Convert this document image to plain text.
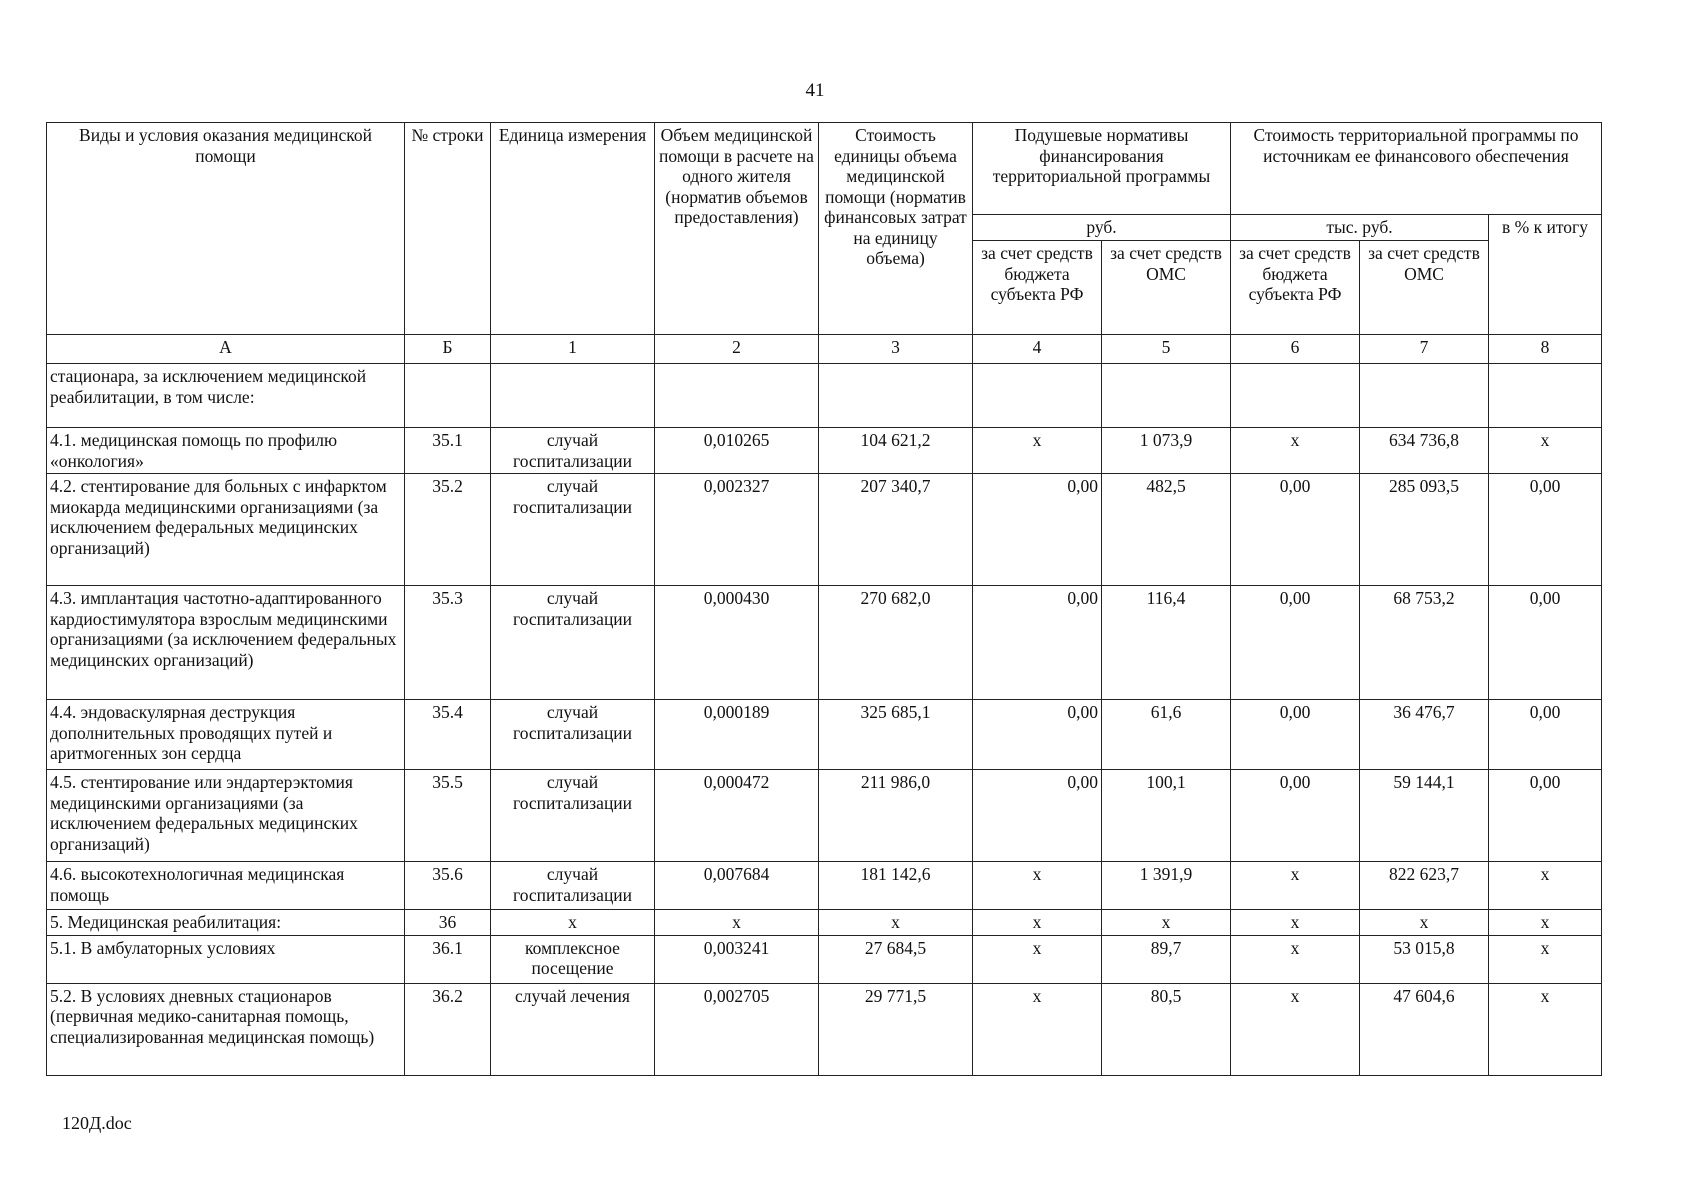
41
Виды и условия оказания медицинской помощи	№ строки	Единица измерения	Объем медицинской помощи в расчете на одного жителя (норматив объемов предоставления)	Стоимость единицы объема медицинской помощи (норматив финансовых затрат на единицу объема)	Подушевые нормативы финансирования территориальной программы		Стоимость территориальной программы по источникам ее финансового обеспечения		
					руб.		тыс. руб.		в % к итогу
					за счет средств бюджета субъекта РФ	за счет средств ОМС	за счет средств бюджета субъекта РФ	за счет средств ОМС	
А	Б	1	2	3	4	5	6	7	8
стационара, за исключением медицинской реабилитации, в том числе:									
4.1. медицинская помощь по профилю «онкология»	35.1	случай госпитализации	0,010265	104 621,2	х	1 073,9	х	634 736,8	х
4.2. стентирование для больных с инфарктом миокарда медицинскими организациями (за исключением федеральных медицинских организаций)	35.2	случай госпитализации	0,002327	207 340,7	0,00	482,5	0,00	285 093,5	0,00
4.3. имплантация частотно-адаптированного кардиостимулятора взрослым медицинскими организациями (за исключением федеральных медицинских организаций)	35.3	случай госпитализации	0,000430	270 682,0	0,00	116,4	0,00	68 753,2	0,00
4.4. эндоваскулярная деструкция дополнительных проводящих путей и аритмогенных зон сердца	35.4	случай госпитализации	0,000189	325 685,1	0,00	61,6	0,00	36 476,7	0,00
4.5. стентирование или эндартерэктомия медицинскими организациями (за исключением федеральных медицинских организаций)	35.5	случай госпитализации	0,000472	211 986,0	0,00	100,1	0,00	59 144,1	0,00
4.6. высокотехнологичная медицинская помощь	35.6	случай госпитализации	0,007684	181 142,6	х	1 391,9	х	822 623,7	х
5. Медицинская реабилитация:	36	х	х	х	х	х	х	х	х
5.1. В амбулаторных условиях	36.1	комплексное посещение	0,003241	27 684,5	х	89,7	х	53 015,8	х
5.2. В условиях дневных стационаров (первичная медико-санитарная помощь, специализированная медицинская помощь)	36.2	случай лечения	0,002705	29 771,5	х	80,5	х	47 604,6	х
120Д.doc
